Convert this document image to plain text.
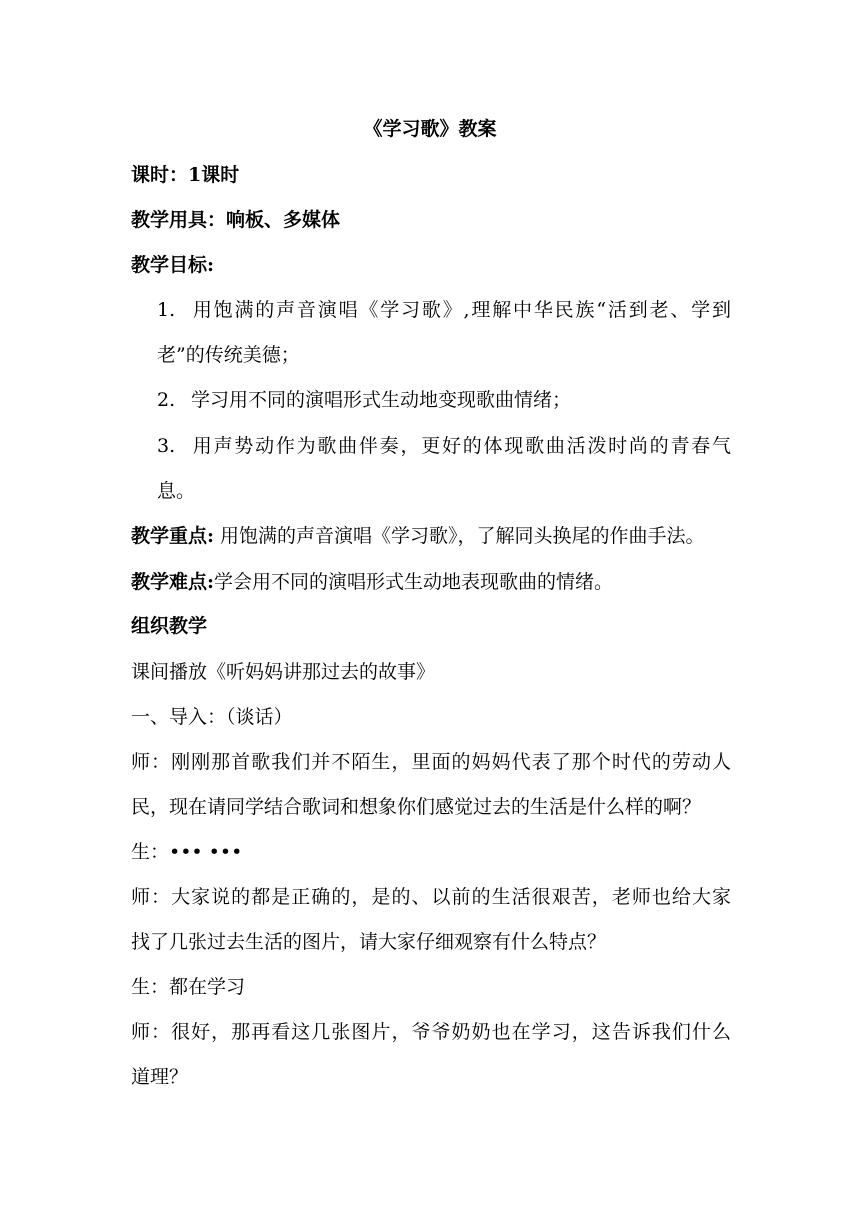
《学习歌》教案
课时：1课时
教学用具：响板、多媒体
教学目标:
1. 用饱满的声音演唱《学习歌》,理解中华民族“活到老、学到
老”的传统美德；
2. 学习用不同的演唱形式生动地变现歌曲情绪；
3. 用声势动作为歌曲伴奏，更好的体现歌曲活泼时尚的青春气
息。
教学重点: 用饱满的声音演唱《学习歌》，了解同头换尾的作曲手法。
教学难点:学会用不同的演唱形式生动地表现歌曲的情绪。
组织教学
课间播放《听妈妈讲那过去的故事》
一、导入：（谈话）
师：刚刚那首歌我们并不陌生，里面的妈妈代表了那个时代的劳动人
民，现在请同学结合歌词和想象你们感觉过去的生活是什么样的啊？
生：••• •••
师：大家说的都是正确的，是的、以前的生活很艰苦，老师也给大家
找了几张过去生活的图片，请大家仔细观察有什么特点？
生：都在学习
师：很好，那再看这几张图片，爷爷奶奶也在学习，这告诉我们什么
道理？
